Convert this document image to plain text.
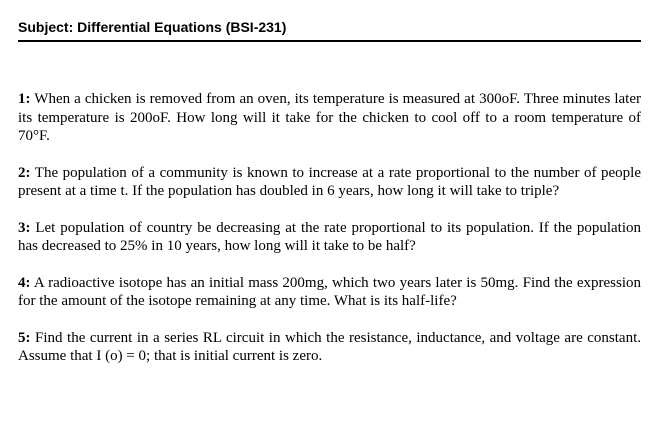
Subject: Differential Equations (BSI-231)
1: When a chicken is removed from an oven, its temperature is measured at 300oF. Three minutes later its temperature is 200oF. How long will it take for the chicken to cool off to a room temperature of 70°F.
2: The population of a community is known to increase at a rate proportional to the number of people present at a time t. If the population has doubled in 6 years, how long it will take to triple?
3: Let population of country be decreasing at the rate proportional to its population. If the population has decreased to 25% in 10 years, how long will it take to be half?
4: A radioactive isotope has an initial mass 200mg, which two years later is 50mg. Find the expression for the amount of the isotope remaining at any time. What is its half-life?
5: Find the current in a series RL circuit in which the resistance, inductance, and voltage are constant. Assume that I (o) = 0; that is initial current is zero.
